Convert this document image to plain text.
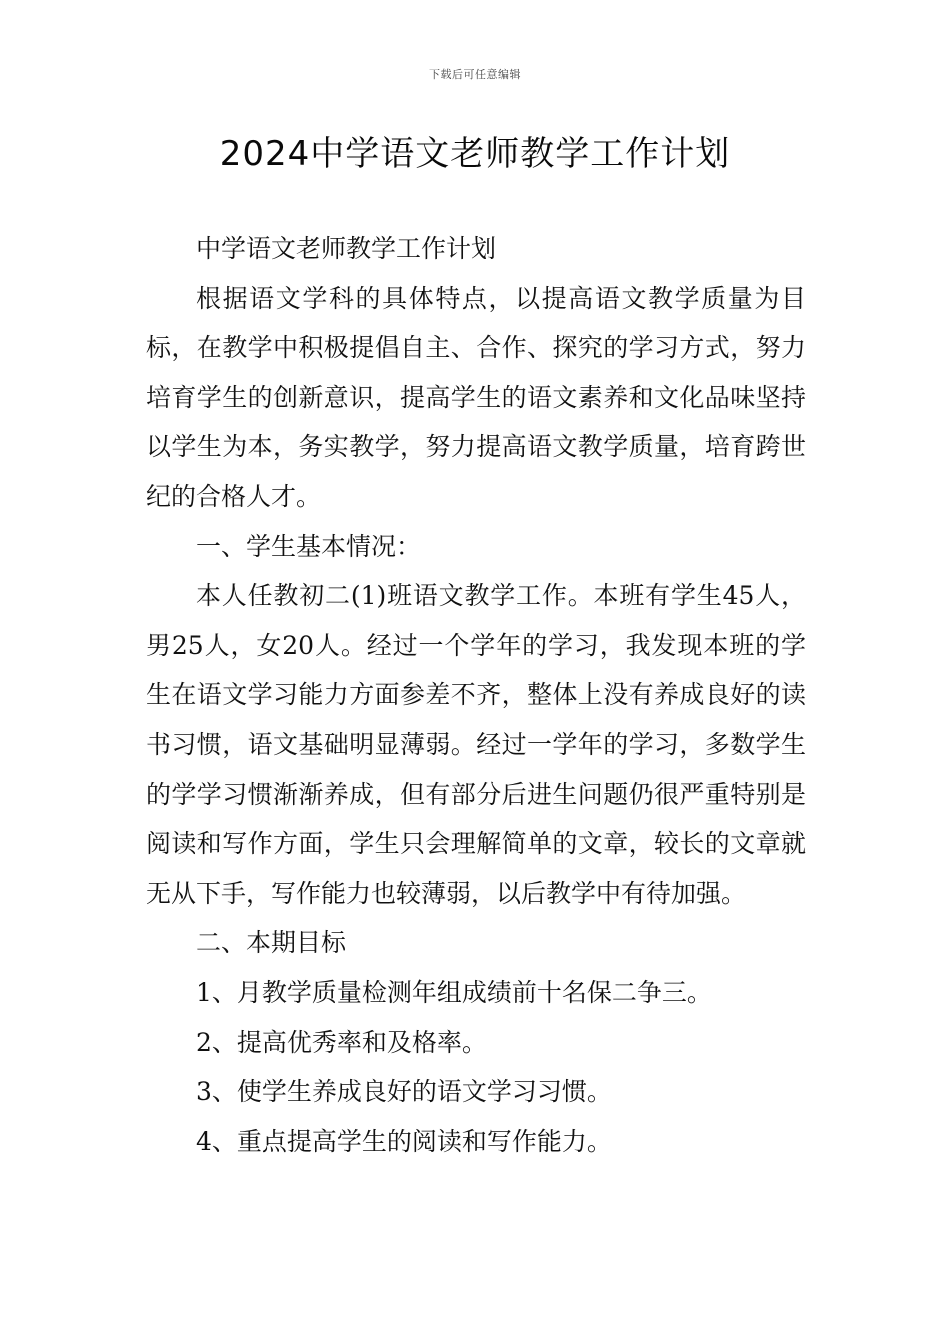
下载后可任意编辑
2024中学语文老师教学工作计划

中学语文老师教学工作计划

根据语文学科的具体特点，以提高语文教学质量为目标，在教学中积极提倡自主、合作、探究的学习方式，努力培育学生的创新意识，提高学生的语文素养和文化品味坚持以学生为本，务实教学，努力提高语文教学质量，培育跨世纪的合格人才。

一、学生基本情况：

本人任教初二(1)班语文教学工作。本班有学生45人，男25人，女20人。经过一个学年的学习，我发现本班的学生在语文学习能力方面参差不齐，整体上没有养成良好的读书习惯，语文基础明显薄弱。经过一学年的学习，多数学生的学学习惯渐渐养成，但有部分后进生问题仍很严重特别是阅读和写作方面，学生只会理解简单的文章，较长的文章就无从下手，写作能力也较薄弱，以后教学中有待加强。

二、本期目标

1、月教学质量检测年组成绩前十名保二争三。

2、提高优秀率和及格率。

3、使学生养成良好的语文学习习惯。

4、重点提高学生的阅读和写作能力。
